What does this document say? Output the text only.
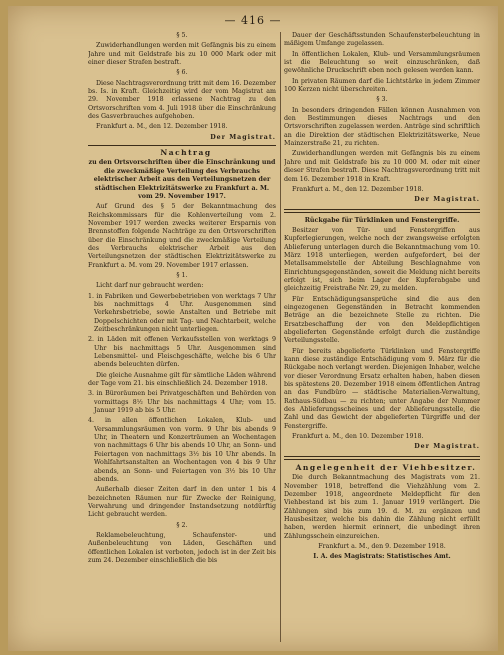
— 416 —

§ 5.

Zuwiderhandlungen werden mit Gefängnis bis zu einem Jahre und mit Geldstrafe bis zu 10 000 Mark oder mit einer dieser Strafen bestraft.

§ 6.

Diese Nachtragsverordnung tritt mit dem 16. Dezember bs. Is. in Kraft. Gleichzeitig wird der vom Magistrat am 29. November 1918 erlassene Nachtrag zu den Ortsvorschriften vom 4. Juli 1918 über die Einschränkung des Gasverbrauches aufgehoben.

Frankfurt a. M., den 12. Dezember 1918.

Der Magistrat.

Nachtrag

zu den Ortsvorschriften über die Einschränkung und die zweckmäßige Verteilung des Verbrauchs elektrischer Arbeit aus den Verteilungsnetzen der städtischen Elektrizitätswerke zu Frankfurt a. M. vom 29. November 1917.

Auf Grund des § 5 der Bekanntmachung des Reichskommissars für die Kohlenverteilung vom 2. November 1917 werden zwecks weiterer Ersparnis von Brennstoffen folgende Nachträge zu den Ortsvorschriften über die Einschränkung und die zweckmäßige Verteilung des Verbrauchs elektrischer Arbeit aus den Verteilungsnetzen der städtischen Elektrizitätswerke zu Frankfurt a. M. vom 29. November 1917 erlassen.

§ 1.

Licht darf nur gebraucht werden:

1. in Fabriken und Gewerbebetrieben von werktags 7 Uhr bis nachmittags 4 Uhr. Ausgenommen sind Verkehrsbetriebe, sowie Anstalten und Betriebe mit Doppelschichten oder mit Tag- und Nachtarbeit, welche Zeitbeschränkungen nicht unterliegen.

2. in Läden mit offenen Verkaufsstellen von werktags 9 Uhr bis nachmittags 5 Uhr. Ausgenommen sind Lebensmittel- und Fleischgeschäfte, welche bis 6 Uhr abends beleuchten dürfen.

Die gleiche Ausnahme gilt für sämtliche Läden während der Tage vom 21. bis einschließlich 24. Dezember 1918.

3. in Büroräumen bei Privatgeschäften und Behörden von vormittags 8½ Uhr bis nachmittags 4 Uhr; vom 15. Januar 1919 ab bis 5 Uhr.

4. in allen öffentlichen Lokalen, Klub- und Versammlungsräumen von vorm. 9 Uhr bis abends 9 Uhr, in Theatern und Konzerträumen an Wochentagen von nachmittags 6 Uhr bis abends 10 Uhr, an Sonn- und Feiertagen von nachmittags 3½ bis 10 Uhr abends. In Wohlfahrtsanstalten an Wochentagen von 4 bis 9 Uhr abends, an Sonn- und Feiertagen von 3½ bis 10 Uhr abends.

Außerhalb dieser Zeiten darf in den unter 1 bis 4 bezeichneten Räumen nur für Zwecke der Reinigung, Verwahrung und dringender Instandsetzung notdürftig Licht gebraucht werden.

§ 2.

Reklamebeleuchtung, Schaufenster- und Außenbeleuchtung von Läden, Geschäften und öffentlichen Lokalen ist verboten, jedoch ist in der Zeit bis zum 24. Dezember einschließlich die bis

Dauer der Geschäftsstunden Schaufensterbeleuchtung in mäßigem Umfange zugelassen.

In öffentlichen Lokalen, Klub- und Versammlungsräumen ist die Beleuchtung so weit einzuschränken, daß gewöhnliche Druckschrift eben noch gelesen werden kann.

In privaten Räumen darf die Lichtstärke in jedem Zimmer 100 Kerzen nicht überschreiten.

§ 3.

In besonders dringenden Fällen können Ausnahmen von den Bestimmungen dieses Nachtrags und den Ortsvorschriften zugelassen werden. Anträge sind schriftlich an die Direktion der städtischen Elektrizitätswerke, Neue Mainzerstraße 21, zu richten.

Zuwiderhandlungen werden mit Gefängnis bis zu einem Jahre und mit Geldstrafe bis zu 10 000 M. oder mit einer dieser Strafen bestraft. Diese Nachtragsverordnung tritt mit dem 16. Dezember 1918 in Kraft.

Frankfurt a. M., den 12. Dezember 1918.

Der Magistrat.

Rückgabe für Türklinken und Fenstergriffe.

Besitzer von Tür- und Fenstergriffen aus Kupferlegierungen, welche noch der zwangsweise erfolgten Ablieferung unterlagen durch die Bekanntmachung vom 10. März 1918 unterliegen, werden aufgefordert, bei der Metallsammelstelle der Abteilung Beschlagnahme von Einrichtungsgegenständen, soweit die Meldung nicht bereits erfolgt ist, sich beim Lager der Kupferabgabe und gleichzeitig Freistraße Nr. 29, zu melden.

Für Entschädigungsansprüche sind die aus den eingezogenen Gegenständen in Betracht kommenden Beträge an die bezeichnete Stelle zu richten. Die Ersatzbeschaffung der von den Meldepflichtigen abgelieferten Gegenstände erfolgt durch die zuständige Verteilungsstelle.

Für bereits abgelieferte Türklinken und Fenstergriffe kann diese zuständige Entschädigung vom 9. März für die Rückgabe noch verlangt werden. Diejenigen Inhaber, welche vor dieser Verordnung Ersatz erhalten haben, haben diesen bis spätestens 20. Dezember 1918 einem öffentlichen Antrag an das Fundbüro — städtische Materialien-Verwaltung, Rathaus-Südbau — zu richten; unter Angabe der Nummer des Ablieferungsscheines und der Ablieferungsstelle, die Zahl und das Gewicht der abgelieferten Türgriffe und der Fenstergriffe.

Frankfurt a. M., den 10. Dezember 1918.

Der Magistrat.

Angelegenheit der Viehbesitzer.

Die durch Bekanntmachung des Magistrats vom 21. November 1918, betreffend die Viehzählung vom 2. Dezember 1918, angeordnete Meldepflicht für den Viehbestand ist bis zum 1. Januar 1919 verlängert. Die Zählungen sind bis zum 19. d. M. zu ergänzen und Hausbesitzer, welche bis dahin die Zählung nicht erfüllt haben, werden hiermit erinnert, die unbedingt ihren Zählungsschein einzureichen.

Frankfurt a. M., den 9. Dezember 1918.

I. A. des Magistrats: Statistisches Amt.
